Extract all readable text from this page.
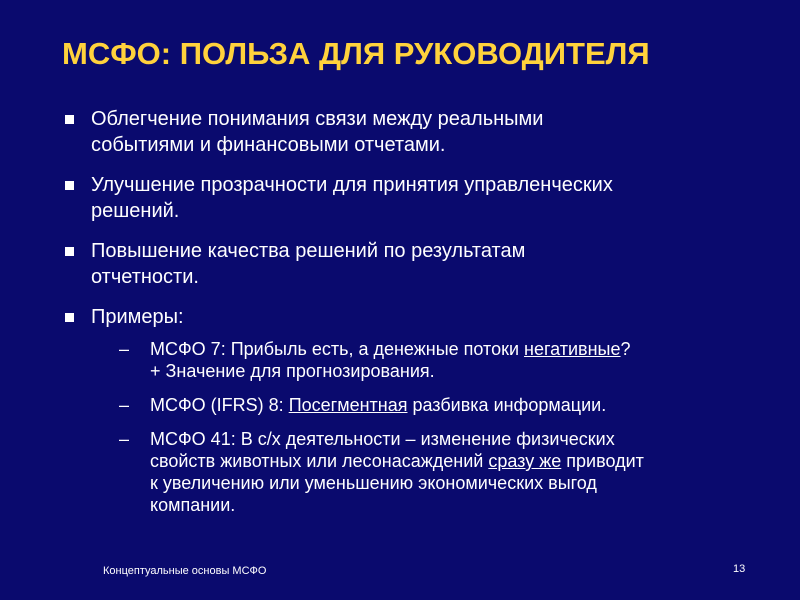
МСФО: ПОЛЬЗА ДЛЯ РУКОВОДИТЕЛЯ
Облегчение понимания связи между реальными
событиями и финансовыми отчетами.
Улучшение прозрачности для принятия управленческих
решений.
Повышение качества решений по результатам
отчетности.
Примеры:
– МСФО 7: Прибыль есть, а денежные потоки негативные?
+ Значение для прогнозирования.
– МСФО (IFRS) 8: Посегментная разбивка информации.
– МСФО 41: В с/х деятельности – изменение физических
свойств животных или лесонасаждений сразу же приводит
к увеличению или уменьшению экономических выгод
компании.
Концептуальные основы МСФО	13
